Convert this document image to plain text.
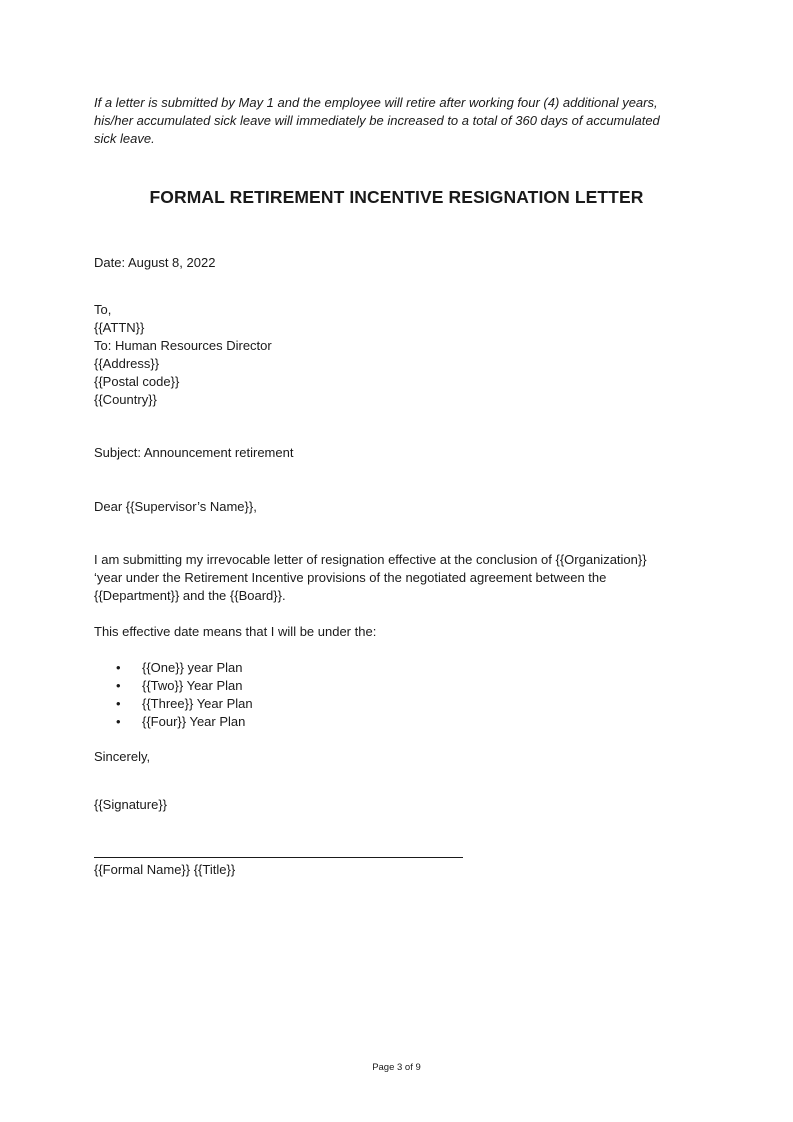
If a letter is submitted by May 1 and the employee will retire after working four (4) additional years, his/her accumulated sick leave will immediately be increased to a total of 360 days of accumulated sick leave.
FORMAL RETIREMENT INCENTIVE RESIGNATION LETTER
Date: August 8, 2022
To,
{{ATTN}}
To: Human Resources Director
{{Address}}
{{Postal code}}
{{Country}}
Subject: Announcement retirement
Dear {{Supervisor’s Name}},
I am submitting my irrevocable letter of resignation effective at the conclusion of {{Organization}} ‘year under the Retirement Incentive provisions of the negotiated agreement between the {{Department}} and the {{Board}}.
This effective date means that I will be under the:
• {{One}} year Plan
• {{Two}} Year Plan
• {{Three}} Year Plan
• {{Four}} Year Plan
Sincerely,
{{Signature}}
{{Formal Name}} {{Title}}
Page 3 of 9
